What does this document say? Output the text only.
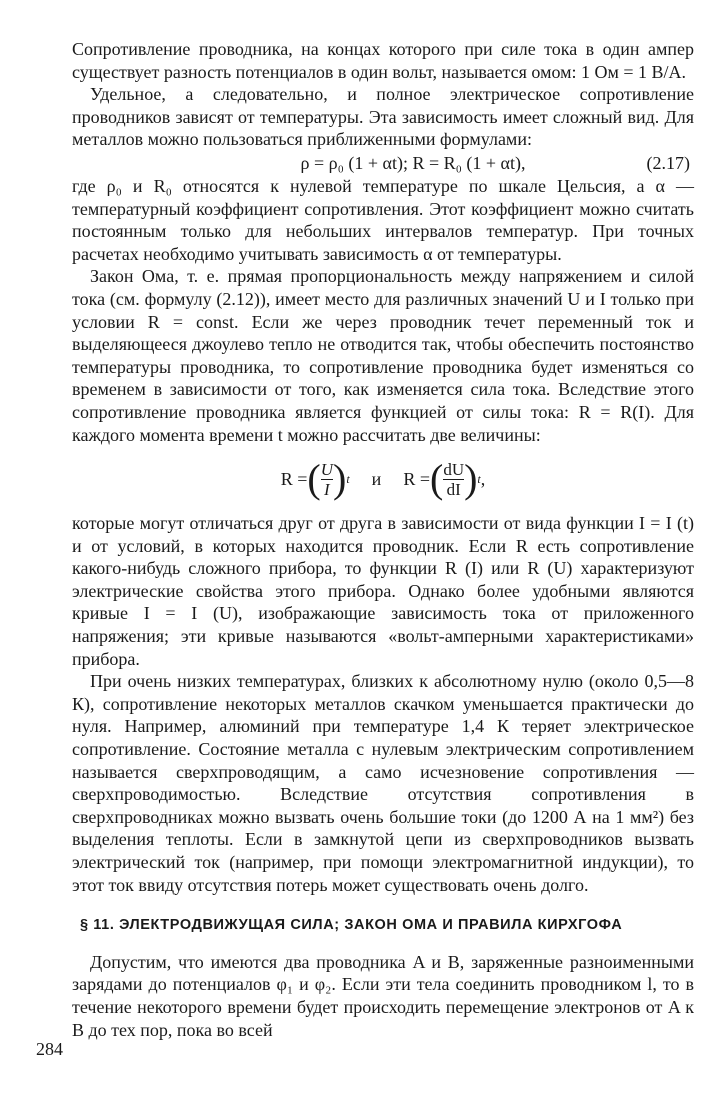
Сопротивление проводника, на концах которого при силе тока в один ампер существует разность потенциалов в один вольт, называется омом: 1 Ом = 1 В/А.

Удельное, а следовательно, и полное электрическое сопротивление проводников зависят от температуры. Эта зависимость имеет сложный вид. Для металлов можно пользоваться приближенными формулами:

ρ = ρ₀ (1 + αt); R = R₀ (1 + αt),	(2.17)

где ρ₀ и R₀ относятся к нулевой температуре по шкале Цельсия, а α — температурный коэффициент сопротивления. Этот коэффициент можно считать постоянным только для небольших интервалов температур. При точных расчетах необходимо учитывать зависимость α от температуры.

Закон Ома, т. е. прямая пропорциональность между напряжением и силой тока (см. формулу (2.12)), имеет место для различных значений U и I только при условии R = const. Если же через проводник течет переменный ток и выделяющееся джоулево тепло не отводится так, чтобы обеспечить постоянство температуры проводника, то сопротивление проводника будет изменяться со временем в зависимости от того, как изменяется сила тока. Вследствие этого сопротивление проводника является функцией от силы тока: R = R(I). Для каждого момента времени t можно рассчитать две величины:

R = ( $\frac{U}{I}$ ) t и R = ( $\frac{dU}{dI}$ ) t ,

которые могут отличаться друг от друга в зависимости от вида функции I = I (t) и от условий, в которых находится проводник. Если R есть сопротивление какого-нибудь сложного прибора, то функции R (I) или R (U) характеризуют электрические свойства этого прибора. Однако более удобными являются кривые I = I (U), изображающие зависимость тока от приложенного напряжения; эти кривые называются «вольт-амперными характеристиками» прибора.

При очень низких температурах, близких к абсолютному нулю (около 0,5—8 К), сопротивление некоторых металлов скачком уменьшается практически до нуля. Например, алюминий при температуре 1,4 К теряет электрическое сопротивление. Состояние металла с нулевым электрическим сопротивлением называется сверхпроводящим, а само исчезновение сопротивления — сверхпроводимостью. Вследствие отсутствия сопротивления в сверхпроводниках можно вызвать очень большие токи (до 1200 А на 1 мм²) без выделения теплоты. Если в замкнутой цепи из сверхпроводников вызвать электрический ток (например, при помощи электромагнитной индукции), то этот ток ввиду отсутствия потерь может существовать очень долго.

§ 11. ЭЛЕКТРОДВИЖУЩАЯ СИЛА; ЗАКОН ОМА И ПРАВИЛА КИРХГОФА

Допустим, что имеются два проводника A и B, заряженные разноименными зарядами до потенциалов φ₁ и φ₂. Если эти тела соединить проводником l, то в течение некоторого времени будет происходить перемещение электронов от A к B до тех пор, пока во всей

284
